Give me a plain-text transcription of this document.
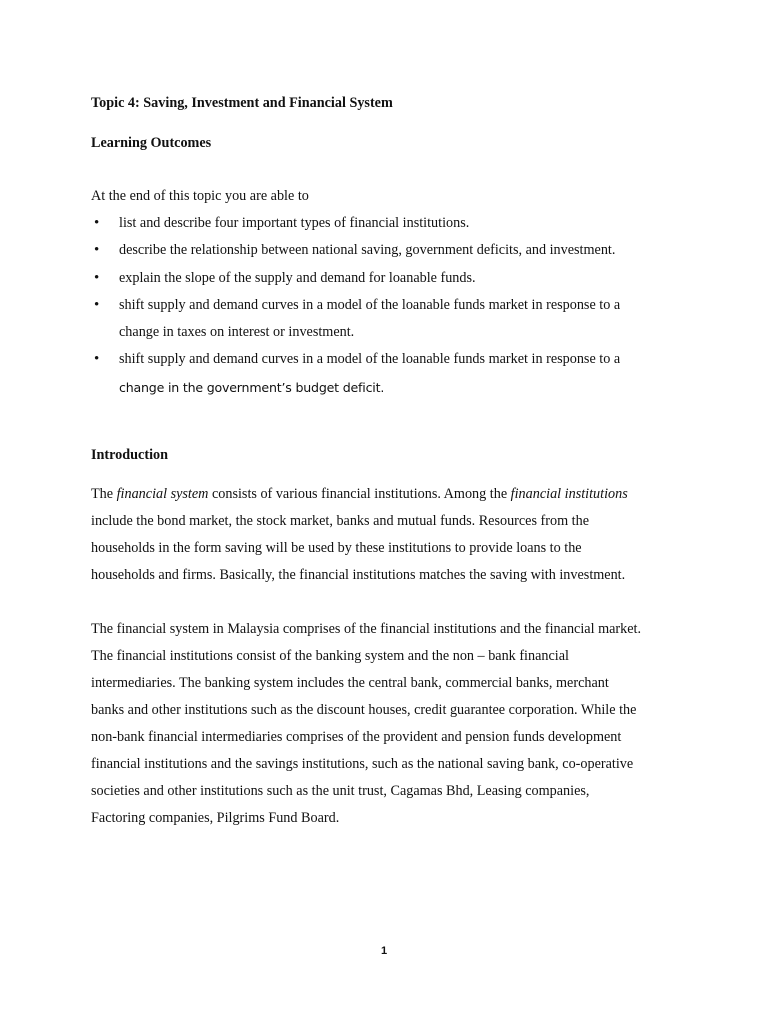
Topic 4: Saving, Investment and Financial System
Learning Outcomes
At the end of this topic you are able to
• list and describe four important types of financial institutions.
• describe the relationship between national saving, government deficits, and investment.
• explain the slope of the supply and demand for loanable funds.
• shift supply and demand curves in a model of the loanable funds market in response to a
change in taxes on interest or investment.
• shift supply and demand curves in a model of the loanable funds market in response to a
change in the government’s budget deficit.
Introduction
The financial system consists of various financial institutions. Among the financial institutions
include the bond market, the stock market, banks and mutual funds. Resources from the
households in the form saving will be used by these institutions to provide loans to the
households and firms. Basically, the financial institutions matches the saving with investment.
The financial system in Malaysia comprises of the financial institutions and the financial market.
The financial institutions consist of the banking system and the non – bank financial
intermediaries. The banking system includes the central bank, commercial banks, merchant
banks and other institutions such as the discount houses, credit guarantee corporation. While the
non-bank financial intermediaries comprises of the provident and pension funds development
financial institutions and the savings institutions, such as the national saving bank, co-operative
societies and other institutions such as the unit trust, Cagamas Bhd, Leasing companies,
Factoring companies, Pilgrims Fund Board.
1
